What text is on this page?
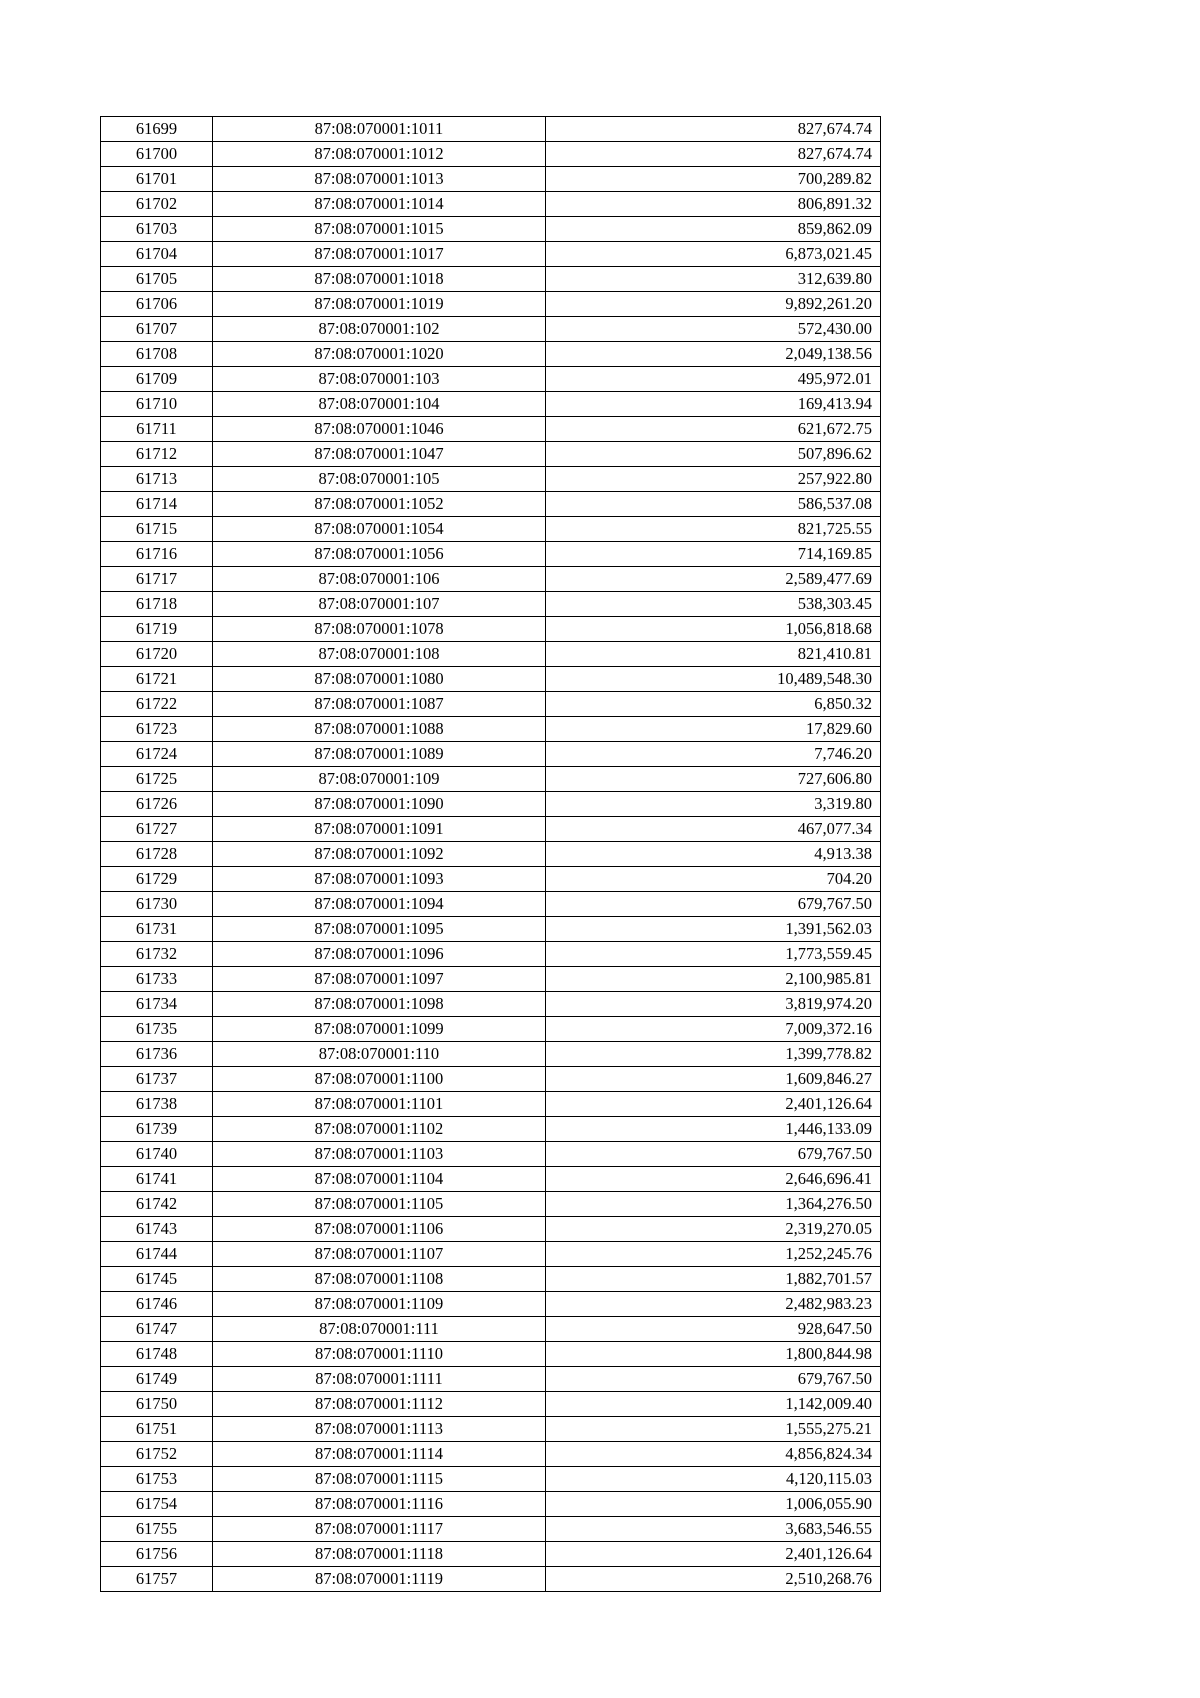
61699	87:08:070001:1011	827,674.74
61700	87:08:070001:1012	827,674.74
61701	87:08:070001:1013	700,289.82
61702	87:08:070001:1014	806,891.32
61703	87:08:070001:1015	859,862.09
61704	87:08:070001:1017	6,873,021.45
61705	87:08:070001:1018	312,639.80
61706	87:08:070001:1019	9,892,261.20
61707	87:08:070001:102	572,430.00
61708	87:08:070001:1020	2,049,138.56
61709	87:08:070001:103	495,972.01
61710	87:08:070001:104	169,413.94
61711	87:08:070001:1046	621,672.75
61712	87:08:070001:1047	507,896.62
61713	87:08:070001:105	257,922.80
61714	87:08:070001:1052	586,537.08
61715	87:08:070001:1054	821,725.55
61716	87:08:070001:1056	714,169.85
61717	87:08:070001:106	2,589,477.69
61718	87:08:070001:107	538,303.45
61719	87:08:070001:1078	1,056,818.68
61720	87:08:070001:108	821,410.81
61721	87:08:070001:1080	10,489,548.30
61722	87:08:070001:1087	6,850.32
61723	87:08:070001:1088	17,829.60
61724	87:08:070001:1089	7,746.20
61725	87:08:070001:109	727,606.80
61726	87:08:070001:1090	3,319.80
61727	87:08:070001:1091	467,077.34
61728	87:08:070001:1092	4,913.38
61729	87:08:070001:1093	704.20
61730	87:08:070001:1094	679,767.50
61731	87:08:070001:1095	1,391,562.03
61732	87:08:070001:1096	1,773,559.45
61733	87:08:070001:1097	2,100,985.81
61734	87:08:070001:1098	3,819,974.20
61735	87:08:070001:1099	7,009,372.16
61736	87:08:070001:110	1,399,778.82
61737	87:08:070001:1100	1,609,846.27
61738	87:08:070001:1101	2,401,126.64
61739	87:08:070001:1102	1,446,133.09
61740	87:08:070001:1103	679,767.50
61741	87:08:070001:1104	2,646,696.41
61742	87:08:070001:1105	1,364,276.50
61743	87:08:070001:1106	2,319,270.05
61744	87:08:070001:1107	1,252,245.76
61745	87:08:070001:1108	1,882,701.57
61746	87:08:070001:1109	2,482,983.23
61747	87:08:070001:111	928,647.50
61748	87:08:070001:1110	1,800,844.98
61749	87:08:070001:1111	679,767.50
61750	87:08:070001:1112	1,142,009.40
61751	87:08:070001:1113	1,555,275.21
61752	87:08:070001:1114	4,856,824.34
61753	87:08:070001:1115	4,120,115.03
61754	87:08:070001:1116	1,006,055.90
61755	87:08:070001:1117	3,683,546.55
61756	87:08:070001:1118	2,401,126.64
61757	87:08:070001:1119	2,510,268.76
